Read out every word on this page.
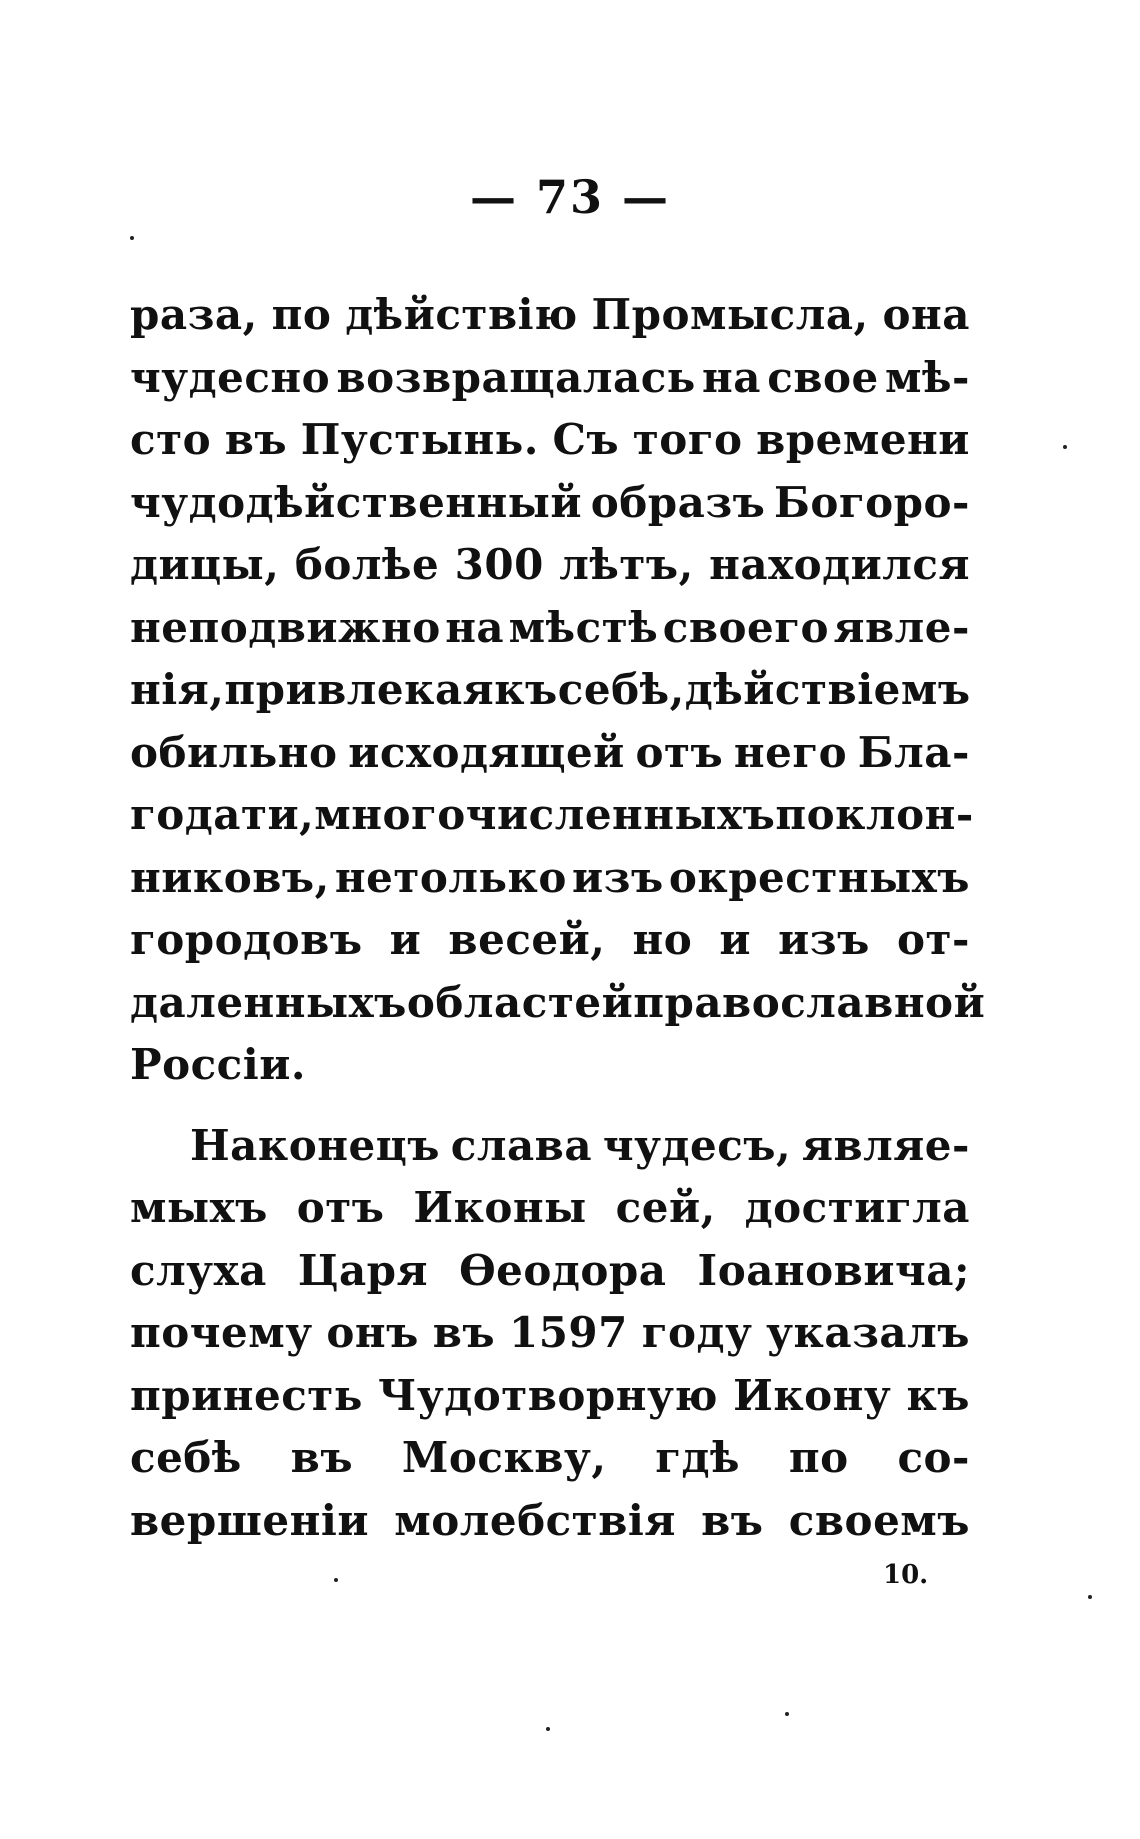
— 73 —
раза, по дѣйствію Промысла, она
чудесно возвращалась на свое мѣ-
сто въ Пустынь. Съ того времени
чудодѣйственный образъ Богоро-
дицы, болѣе 300 лѣтъ, находился
неподвижно на мѣстѣ своего явле-
нія, привлекая къ себѣ, дѣйствіемъ
обильно исходящей отъ него Бла-
годати, многочисленныхъ поклон-
никовъ, нетолько изъ окрестныхъ
городовъ и весей, но и изъ от-
даленныхъ областей православной
Россіи.
Наконецъ слава чудесъ, являе-
мыхъ отъ Иконы сей, достигла
слуха Царя Ѳеодора Іоановича;
почему онъ въ 1597 году указалъ
принесть Чудотворную Икону къ
себѣ въ Москву, гдѣ по со-
вершеніи молебствія въ своемъ
10.
